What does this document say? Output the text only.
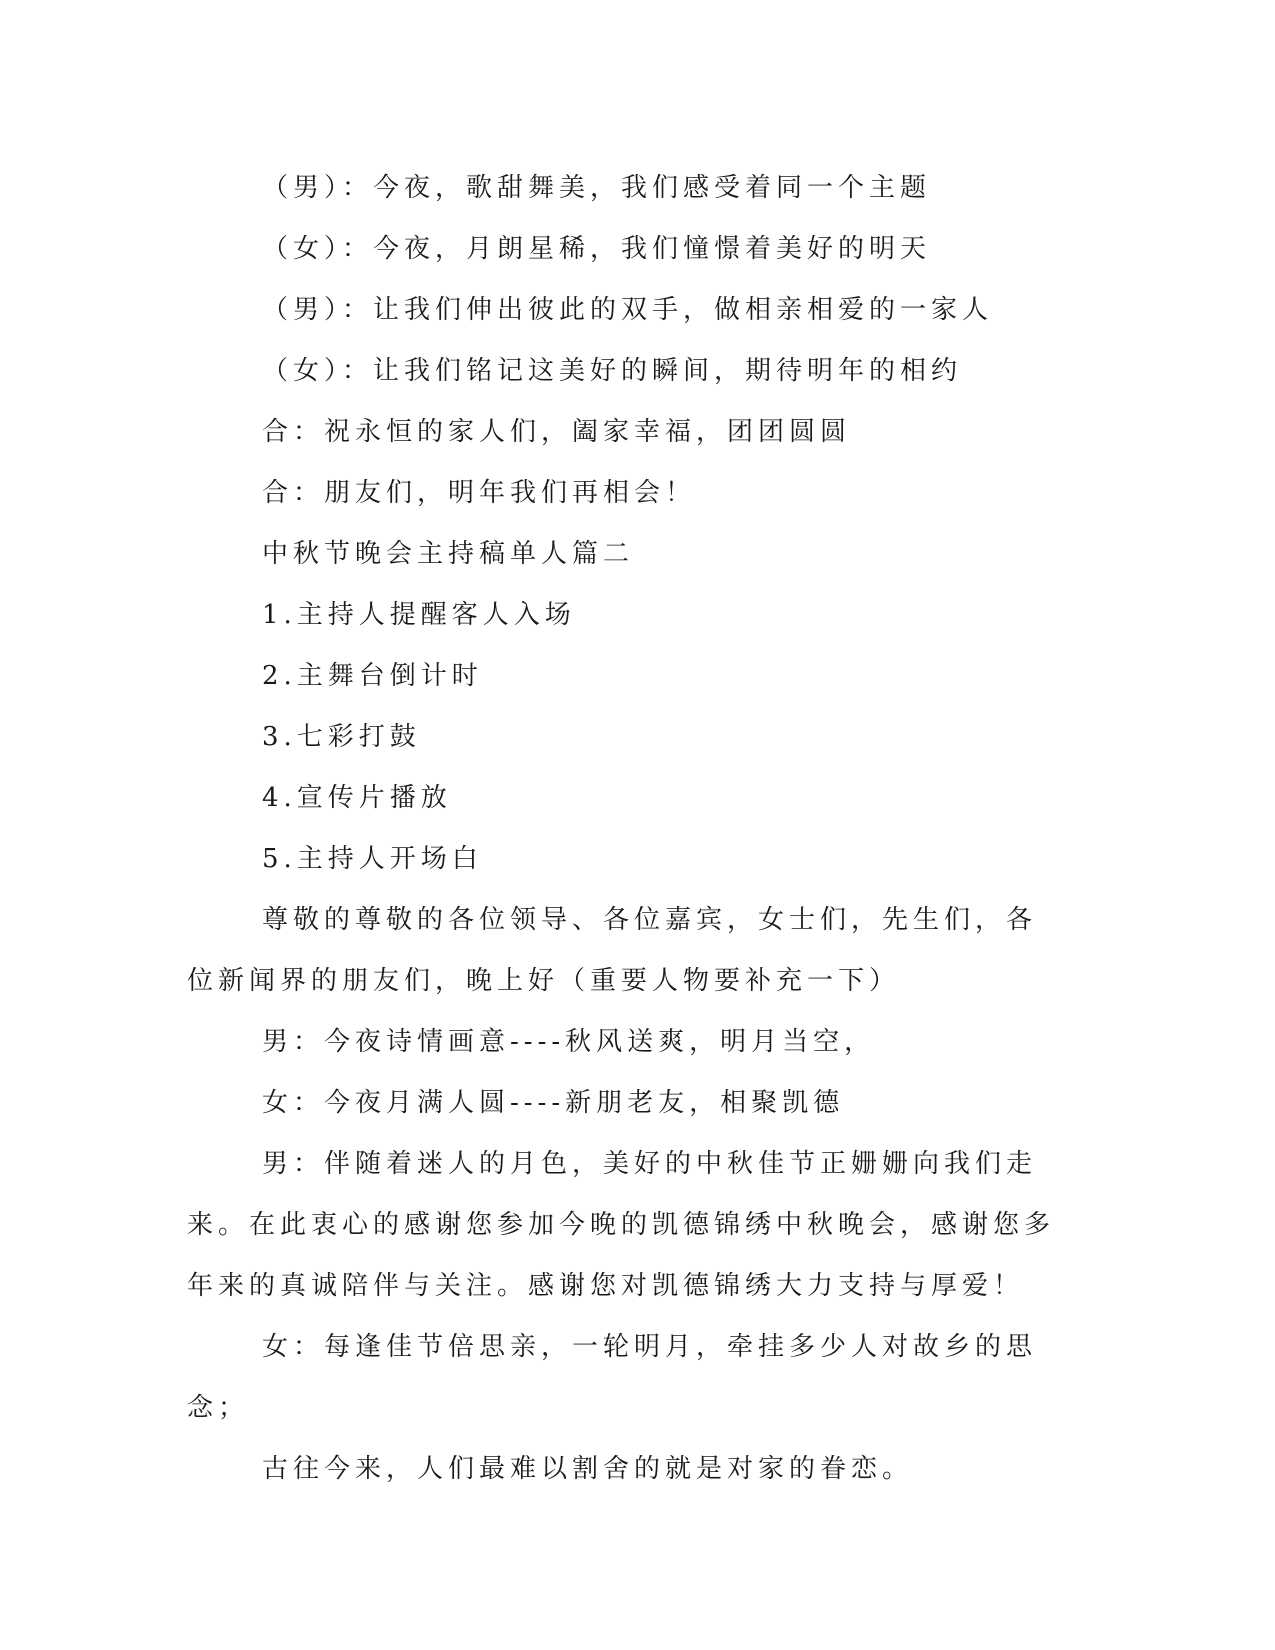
（男）：今夜，歌甜舞美，我们感受着同一个主题

（女）：今夜，月朗星稀，我们憧憬着美好的明天

（男）：让我们伸出彼此的双手，做相亲相爱的一家人

（女）：让我们铭记这美好的瞬间，期待明年的相约

合：祝永恒的家人们，阖家幸福，团团圆圆

合：朋友们，明年我们再相会！

中秋节晚会主持稿单人篇二

1.主持人提醒客人入场

2.主舞台倒计时

3.七彩打鼓

4.宣传片播放

5.主持人开场白

尊敬的尊敬的各位领导、各位嘉宾，女士们，先生们，各位新闻界的朋友们，晚上好（重要人物要补充一下）

男：今夜诗情画意----秋风送爽，明月当空，

女：今夜月满人圆----新朋老友，相聚凯德

男：伴随着迷人的月色，美好的中秋佳节正姗姗向我们走来。在此衷心的感谢您参加今晚的凯德锦绣中秋晚会，感谢您多年来的真诚陪伴与关注。感谢您对凯德锦绣大力支持与厚爱！

女：每逢佳节倍思亲，一轮明月，牵挂多少人对故乡的思念；

古往今来，人们最难以割舍的就是对家的眷恋。
